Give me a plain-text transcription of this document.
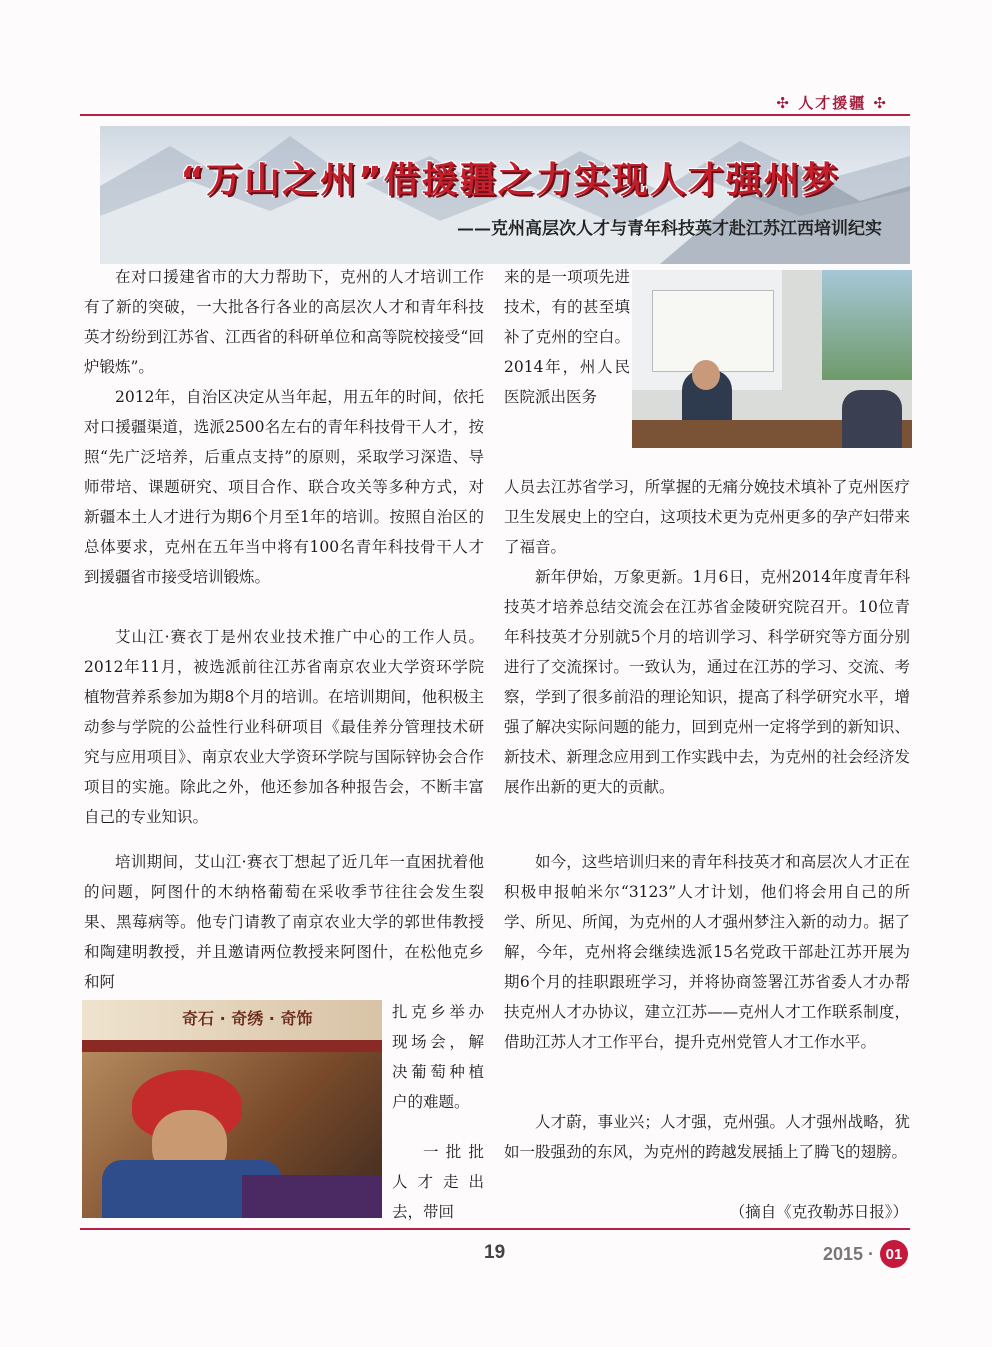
✣ 人才援疆 ✣
“万山之州”借援疆之力实现人才强州梦
——克州高层次人才与青年科技英才赴江苏江西培训纪实
在对口援建省市的大力帮助下，克州的人才培训工作有了新的突破，一大批各行各业的高层次人才和青年科技英才纷纷到江苏省、江西省的科研单位和高等院校接受“回炉锻炼”。
2012年，自治区决定从当年起，用五年的时间，依托对口援疆渠道，选派2500名左右的青年科技骨干人才，按照“先广泛培养，后重点支持”的原则，采取学习深造、导师带培、课题研究、项目合作、联合攻关等多种方式，对新疆本土人才进行为期6个月至1年的培训。按照自治区的总体要求，克州在五年当中将有100名青年科技骨干人才到援疆省市接受培训锻炼。
艾山江·赛衣丁是州农业技术推广中心的工作人员。2012年11月，被选派前往江苏省南京农业大学资环学院植物营养系参加为期8个月的培训。在培训期间，他积极主动参与学院的公益性行业科研项目《最佳养分管理技术研究与应用项目》、南京农业大学资环学院与国际锌协会合作项目的实施。除此之外，他还参加各种报告会，不断丰富自己的专业知识。
培训期间，艾山江·赛衣丁想起了近几年一直困扰着他的问题，阿图什的木纳格葡萄在采收季节往往会发生裂果、黑莓病等。他专门请教了南京农业大学的郭世伟教授和陶建明教授，并且邀请两位教授来阿图什，在松他克乡和阿
扎克乡举办现场会，解决葡萄种植户的难题。
一批批人才走出去，带回
奇石 · 奇绣 · 奇饰
来的是一项项先进技术，有的甚至填补了克州的空白。2014年，州人民医院派出医务
人员去江苏省学习，所掌握的无痛分娩技术填补了克州医疗卫生发展史上的空白，这项技术更为克州更多的孕产妇带来了福音。
新年伊始，万象更新。1月6日，克州2014年度青年科技英才培养总结交流会在江苏省金陵研究院召开。10位青年科技英才分别就5个月的培训学习、科学研究等方面分别进行了交流探讨。一致认为，通过在江苏的学习、交流、考察，学到了很多前沿的理论知识，提高了科学研究水平，增强了解决实际问题的能力，回到克州一定将学到的新知识、新技术、新理念应用到工作实践中去，为克州的社会经济发展作出新的更大的贡献。
如今，这些培训归来的青年科技英才和高层次人才正在积极申报帕米尔“3123”人才计划，他们将会用自己的所学、所见、所闻，为克州的人才强州梦注入新的动力。据了解，今年，克州将会继续选派15名党政干部赴江苏开展为期6个月的挂职跟班学习，并将协商签署江苏省委人才办帮扶克州人才办协议，建立江苏——克州人才工作联系制度，借助江苏人才工作平台，提升克州党管人才工作水平。
人才蔚，事业兴；人才强，克州强。人才强州战略，犹如一股强劲的东风，为克州的跨越发展插上了腾飞的翅膀。
（摘自《克孜勒苏日报》）
19	2015 · 01
